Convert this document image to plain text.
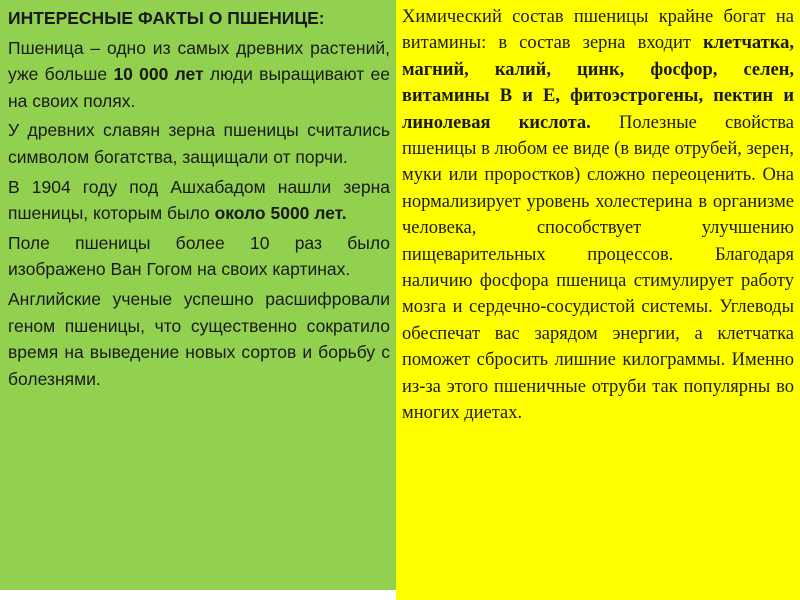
ИНТЕРЕСНЫЕ ФАКТЫ О ПШЕНИЦЕ:

Пшеница – одно из самых древних растений, уже больше 10 000 лет люди выращивают ее на своих полях.

У древних славян зерна пшеницы считались символом богатства, защищали от порчи.

В 1904 году под Ашхабадом нашли зерна пшеницы, которым было около 5000 лет.

Поле пшеницы более 10 раз было изображено Ван Гогом на своих картинах.

Английские ученые успешно расшифровали геном пшеницы, что существенно сократило время на выведение новых сортов и борьбу с болезнями.

Химический состав пшеницы крайне богат на витамины: в состав зерна входит клетчатка, магний, калий, цинк, фосфор, селен, витамины В и Е, фитоэстрогены, пектин и линолевая кислота. Полезные свойства пшеницы в любом ее виде (в виде отрубей, зерен, муки или проростков) сложно переоценить. Она нормализирует уровень холестерина в организме человека, способствует улучшению пищеварительных процессов. Благодаря наличию фосфора пшеница стимулирует работу мозга и сердечно-сосудистой системы. Углеводы обеспечат вас зарядом энергии, а клетчатка поможет сбросить лишние килограммы. Именно из-за этого пшеничные отруби так популярны во многих диетах.
